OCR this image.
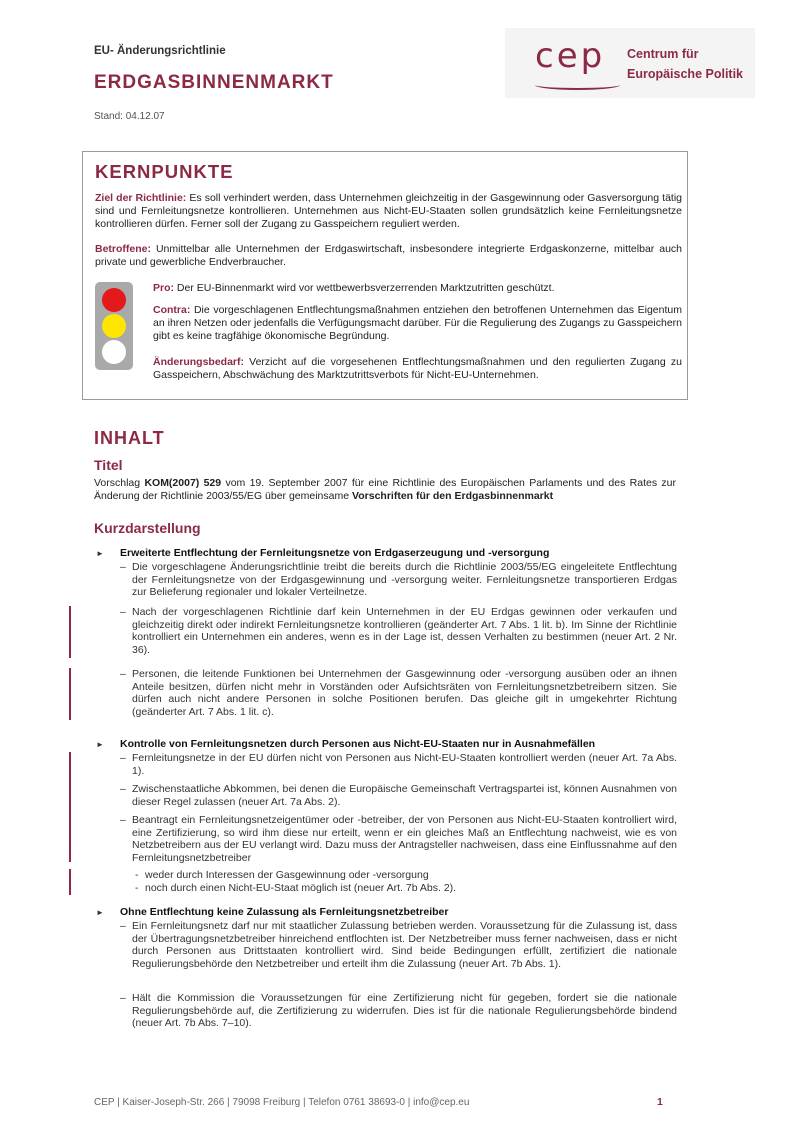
EU- Änderungsrichtlinie
ERDGASBINNENMARKT
Stand: 04.12.07
cep Centrum für
Europäische Politik
KERNPUNKTE
Ziel der Richtlinie: Es soll verhindert werden, dass Unternehmen gleichzeitig in der Gasgewinnung oder Gasversorgung tätig sind und Fernleitungsnetze kontrollieren. Unternehmen aus Nicht-EU-Staaten sollen grundsätzlich keine Fernleitungsnetze kontrollieren dürfen. Ferner soll der Zugang zu Gasspeichern reguliert werden.
Betroffene: Unmittelbar alle Unternehmen der Erdgaswirtschaft, insbesondere integrierte Erdgaskonzerne, mittelbar auch private und gewerbliche Endverbraucher.
Pro: Der EU-Binnenmarkt wird vor wettbewerbsverzerrenden Marktzutritten geschützt.
Contra: Die vorgeschlagenen Entflechtungsmaßnahmen entziehen den betroffenen Unternehmen das Eigentum an ihren Netzen oder jedenfalls die Verfügungsmacht darüber. Für die Regulierung des Zugangs zu Gasspeichern gibt es keine tragfähige ökonomische Begründung.
Änderungsbedarf: Verzicht auf die vorgesehenen Entflechtungsmaßnahmen und den regulierten Zugang zu Gasspeichern, Abschwächung des Marktzutrittsverbots für Nicht-EU-Unternehmen.
INHALT
Titel
Vorschlag KOM(2007) 529 vom 19. September 2007 für eine Richtlinie des Europäischen Parlaments und des Rates zur Änderung der Richtlinie 2003/55/EG über gemeinsame Vorschriften für den Erdgasbinnenmarkt
Kurzdarstellung
► Erweiterte Entflechtung der Fernleitungsnetze von Erdgaserzeugung und -versorgung
– Die vorgeschlagene Änderungsrichtlinie treibt die bereits durch die Richtlinie 2003/55/EG eingeleitete Entflechtung der Fernleitungsnetze von der Erdgasgewinnung und -versorgung weiter. Fernleitungsnetze transportieren Erdgas zur Belieferung regionaler und lokaler Verteilnetze.
– Nach der vorgeschlagenen Richtlinie darf kein Unternehmen in der EU Erdgas gewinnen oder verkaufen und gleichzeitig direkt oder indirekt Fernleitungsnetze kontrollieren (geänderter Art. 7 Abs. 1 lit. b). Im Sinne der Richtlinie kontrolliert ein Unternehmen ein anderes, wenn es in der Lage ist, dessen Verhalten zu bestimmen (neuer Art. 2 Nr. 36).
– Personen, die leitende Funktionen bei Unternehmen der Gasgewinnung oder -versorgung ausüben oder an ihnen Anteile besitzen, dürfen nicht mehr in Vorständen oder Aufsichtsräten von Fernleitungsnetzbetreibern sitzen. Sie dürfen auch nicht andere Personen in solche Positionen berufen. Das gleiche gilt in umgekehrter Richtung (geänderter Art. 7 Abs. 1 lit. c).
► Kontrolle von Fernleitungsnetzen durch Personen aus Nicht-EU-Staaten nur in Ausnahmefällen
– Fernleitungsnetze in der EU dürfen nicht von Personen aus Nicht-EU-Staaten kontrolliert werden (neuer Art. 7a Abs. 1).
– Zwischenstaatliche Abkommen, bei denen die Europäische Gemeinschaft Vertragspartei ist, können Ausnahmen von dieser Regel zulassen (neuer Art. 7a Abs. 2).
– Beantragt ein Fernleitungsnetzeigentümer oder -betreiber, der von Personen aus Nicht-EU-Staaten kontrolliert wird, eine Zertifizierung, so wird ihm diese nur erteilt, wenn er ein gleiches Maß an Entflechtung nachweist, wie es von Netzbetreibern aus der EU verlangt wird. Dazu muss der Antragsteller nachweisen, dass eine Einflussnahme auf den Fernleitungsnetzbetreiber
- weder durch Interessen der Gasgewinnung oder -versorgung
- noch durch einen Nicht-EU-Staat möglich ist (neuer Art. 7b Abs. 2).
► Ohne Entflechtung keine Zulassung als Fernleitungsnetzbetreiber
– Ein Fernleitungsnetz darf nur mit staatlicher Zulassung betrieben werden. Voraussetzung für die Zulassung ist, dass der Übertragungsnetzbetreiber hinreichend entflochten ist. Der Netzbetreiber muss ferner nachweisen, dass er nicht durch Personen aus Drittstaaten kontrolliert wird. Sind beide Bedingungen erfüllt, zertifiziert die nationale Regulierungsbehörde den Netzbetreiber und erteilt ihm die Zulassung (neuer Art. 7b Abs. 1).
– Hält die Kommission die Voraussetzungen für eine Zertifizierung nicht für gegeben, fordert sie die nationale Regulierungsbehörde auf, die Zertifizierung zu widerrufen. Dies ist für die nationale Regulierungsbehörde bindend (neuer Art. 7b Abs. 7–10).
CEP | Kaiser-Joseph-Str. 266 | 79098 Freiburg | Telefon 0761 38693-0 | info@cep.eu	1
